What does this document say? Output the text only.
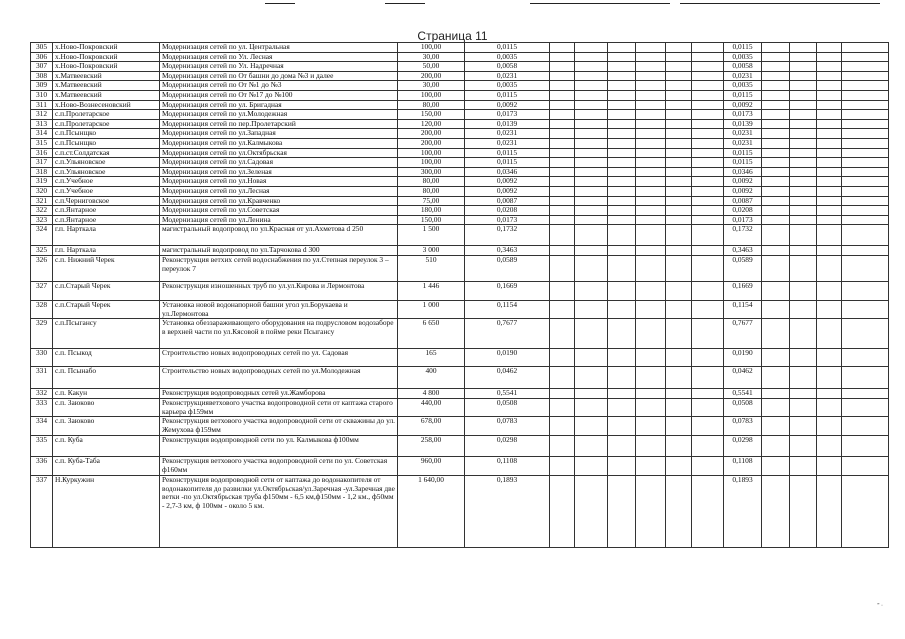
Страница 11
305	х.Ново-Покровский	Модернизация сетей по ул. Центральная	100,00	0,0115							0,0115				
306	х.Ново-Покровский	Модернизация сетей по Ул. Лесная	30,00	0,0035							0,0035				
307	х.Ново-Покровский	Модернизация сетей по Ул. Надречная	50,00	0,0058							0,0058				
308	х.Матвеевский	Модернизация сетей по От башни до дома №3 и далее	200,00	0,0231							0,0231				
309	х.Матвеевский	Модернизация сетей по От №1 до №3	30,00	0,0035							0,0035				
310	х.Матвеевский	Модернизация сетей по От №17 до №100	100,00	0,0115							0,0115				
311	х.Ново-Вознесеновский	Модернизация сетей по ул. Бригадная	80,00	0,0092							0,0092				
312	с.п.Пролетарское	Модернизация сетей по ул.Молодежная	150,00	0,0173							0,0173				
313	с.п.Пролетарское	Модернизация сетей по пер.Пролетарский	120,00	0,0139							0,0139				
314	с.п.Псынщко	Модернизация сетей по ул.Западная	200,00	0,0231							0,0231				
315	с.п.Псынщко	Модернизация сетей по ул.Калмыкова	200,00	0,0231							0,0231				
316	с.п.ст.Солдатская	Модернизация сетей по ул.Октябрьская	100,00	0,0115							0,0115				
317	с.п.Ульяновское	Модернизация сетей по ул.Садовая	100,00	0,0115							0,0115				
318	с.п.Ульяновское	Модернизация сетей по ул.Зеленая	300,00	0,0346							0,0346				
319	с.п.Учебное	Модернизация сетей по ул.Новая	80,00	0,0092							0,0092				
320	с.п.Учебное	Модернизация сетей по ул.Лесная	80,00	0,0092							0,0092				
321	с.п.Черниговское	Модернизация сетей по ул.Кравченко	75,00	0,0087							0,0087				
322	с.п.Янтарное	Модернизация сетей по ул.Советская	180,00	0,0208							0,0208				
323	с.п.Янтарное	Модернизация сетей по ул.Ленина	150,00	0,0173							0,0173				
324	г.п. Нарткала	магистральный водопровод по ул.Красная от ул.Ахметова d 250	1 500	0,1732							0,1732				
325	г.п. Нарткала	магистральный водопровод по ул.Тарчокова d 300	3 000	0,3463							0,3463				
326	с.п. Нижний Черек	Реконструкция ветхих сетей водоснабжения по ул.Степная переулок 3 – переулок 7	510	0,0589							0,0589				
327	с.п.Старый Черек	Реконструкция изношенных труб по ул.ул.Кирова и Лермонтова	1 446	0,1669							0,1669				
328	с.п.Старый Черек	Установка новой водонапорной башни угол ул.Борукаева и ул.Лермонтова	1 000	0,1154							0,1154				
329	с.п.Псыгансу	Установка обеззараживающего оборудования на подрусловом водозаборе в верхней части по ул.Кясовой в пойме реки Псыгансу	6 650	0,7677							0,7677				
330	с.п. Псыкод	Строительство новых водопроводных сетей по ул. Садовая	165	0,0190							0,0190				
331	с.п. Псынабо	Строительство новых водопроводных сетей по ул.Молодежная	400	0,0462							0,0462				
332	с.п. Какун	Реконструкция водопроводных сетей ул.Жамборова	4 800	0,5541							0,5541				
333	с.п. Заюково	Реконструкцияветхового участка водопроводной сети от каптажа старого карьера ф159мм	440,00	0,0508							0,0508				
334	с.п. Заюково	Реконструкция ветхового участка водопроводной сети от скважины до ул. Жемухова ф159мм	678,00	0,0783							0,0783				
335	с.п. Куба	Реконструкция водопроводной сети по ул. Калмыкова ф100мм	258,00	0,0298							0,0298				
336	с.п. Куба-Таба	Реконструкция ветхового участка водопроводной сети по ул. Советская ф160мм	960,00	0,1108							0,1108				
337	Н.Куркужин	Реконструкция водопроводной сети от каптажа до водонакопителя от водонакопителя до развилки ул.Октябрьская/ул.Заречная -ул.Заречная две ветки -по ул.Октябрьская труба ф150мм - 6,5 км,ф150мм - 1,2 км., ф50мм - 2,7-3 км, ф 100мм - около 5 км.	1 640,00	0,1893							0,1893				
'' ·
